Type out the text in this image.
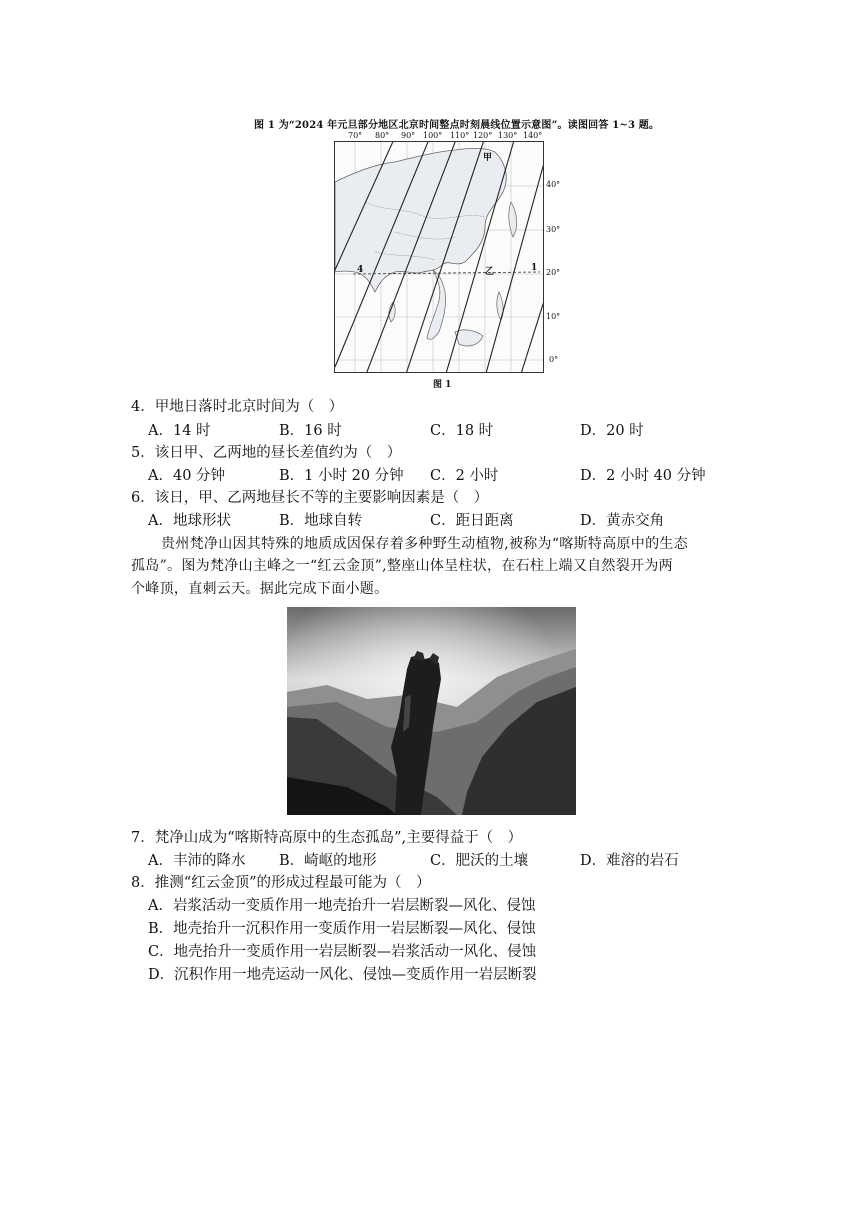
图 1 为“2024 年元旦部分地区北京时间整点时刻晨线位置示意图”。读图回答 1~3 题。
70° 80° 90° 100° 110° 120° 130° 140°
甲
乙
4	1
40°
30°
20°
10°
0°
图 1
4．甲地日落时北京时间为（　）
A．14 时	B．16 时	C．18 时	D．20 时
5．该日甲、乙两地的昼长差值约为（　）
A．40 分钟	B．1 小时 20 分钟 C．2 小时	D．2 小时 40 分钟
6．该日，甲、乙两地昼长不等的主要影响因素是（　）
A．地球形状	B．地球自转	C．距日距离	D．黄赤交角
贵州梵净山因其特殊的地质成因保存着多种野生动植物,被称为“喀斯特高原中的生态
孤岛”。图为梵净山主峰之一“红云金顶”,整座山体呈柱状，在石柱上端又自然裂开为两
个峰顶，直刺云天。据此完成下面小题。
7．梵净山成为“喀斯特高原中的生态孤岛”,主要得益于（　）
A．丰沛的降水 B．崎岖的地形	C．肥沃的土壤	D．难溶的岩石
8．推测“红云金顶”的形成过程最可能为（　）
A．岩浆活动一变质作用一地壳抬升一岩层断裂—风化、侵蚀
B．地壳抬升一沉积作用一变质作用一岩层断裂—风化、侵蚀
C．地壳抬升一变质作用一岩层断裂—岩浆活动一风化、侵蚀
D．沉积作用一地壳运动一风化、侵蚀—变质作用一岩层断裂
